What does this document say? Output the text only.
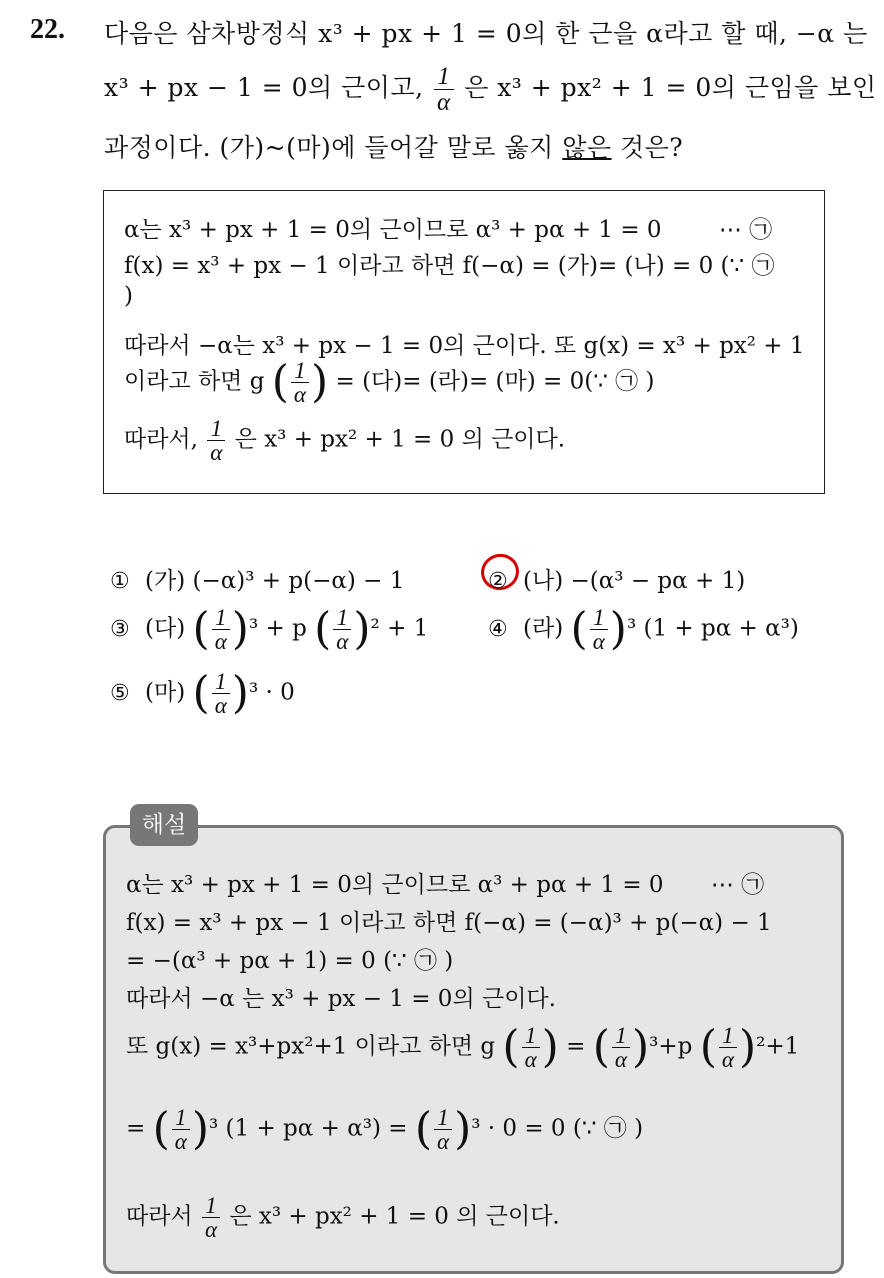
22. 다음은 삼차방정식 x³ + px + 1 = 0의 한 근을 α라고 할 때, −α 는
x³ + px − 1 = 0의 근이고, $\frac{1}{\alpha}$ 은 x³ + px² + 1 = 0의 근임을 보인
과정이다. (가)~(마)에 들어갈 말로 옳지 않은 것은?
α는 x³ + px + 1 = 0의 근이므로 α³ + pα + 1 = 0 ⋯ ㉠
f(x) = x³ + px − 1 이라고 하면 f(−α) = (가)= (나) = 0 (∵ ㉠
)
따라서 −α는 x³ + px − 1 = 0의 근이다. 또 g(x) = x³ + px² + 1
이라고 하면 g ( $\frac{1}{\alpha}$ ) = (다)= (라)= (마) = 0(∵ ㉠ )
따라서, $\frac{1}{\alpha}$ 은 x³ + px² + 1 = 0 의 근이다.
① (가) (−α)³ + p(−α) − 1	② (나) −(α³ − pα + 1)
③ (다) ( $\frac{1}{\alpha} )^3 + p$ ( $\frac{1}{\alpha} )^2 + 1$	④ (라) ( $\frac{1}{\alpha} )^3$ (1 + pα + α³)
⑤ (마) ( $\frac{1}{\alpha} )^3 \cdot 0$
α는 x³ + px + 1 = 0의 근이므로 α³ + pα + 1 = 0 ⋯ ㉠
f(x) = x³ + px − 1 이라고 하면 f(−α) = (−α)³ + p(−α) − 1
= −(α³ + pα + 1) = 0 (∵ ㉠ )
따라서 −α 는 x³ + px − 1 = 0의 근이다.
또 g(x) = x³+px²+1 이라고 하면 g ( $\frac{1}{\alpha}$ ) = ( $\frac{1}{\alpha} )^3+p$ ( $\frac{1}{\alpha} )^2+1$
= ( $\frac{1}{\alpha} )^3$ (1 + pα + α³) = ( $\frac{1}{\alpha} )^3 \cdot 0 = 0$ (∵ ㉠ )
따라서 $\frac{1}{\alpha}$ 은 x³ + px² + 1 = 0 의 근이다.
해설
